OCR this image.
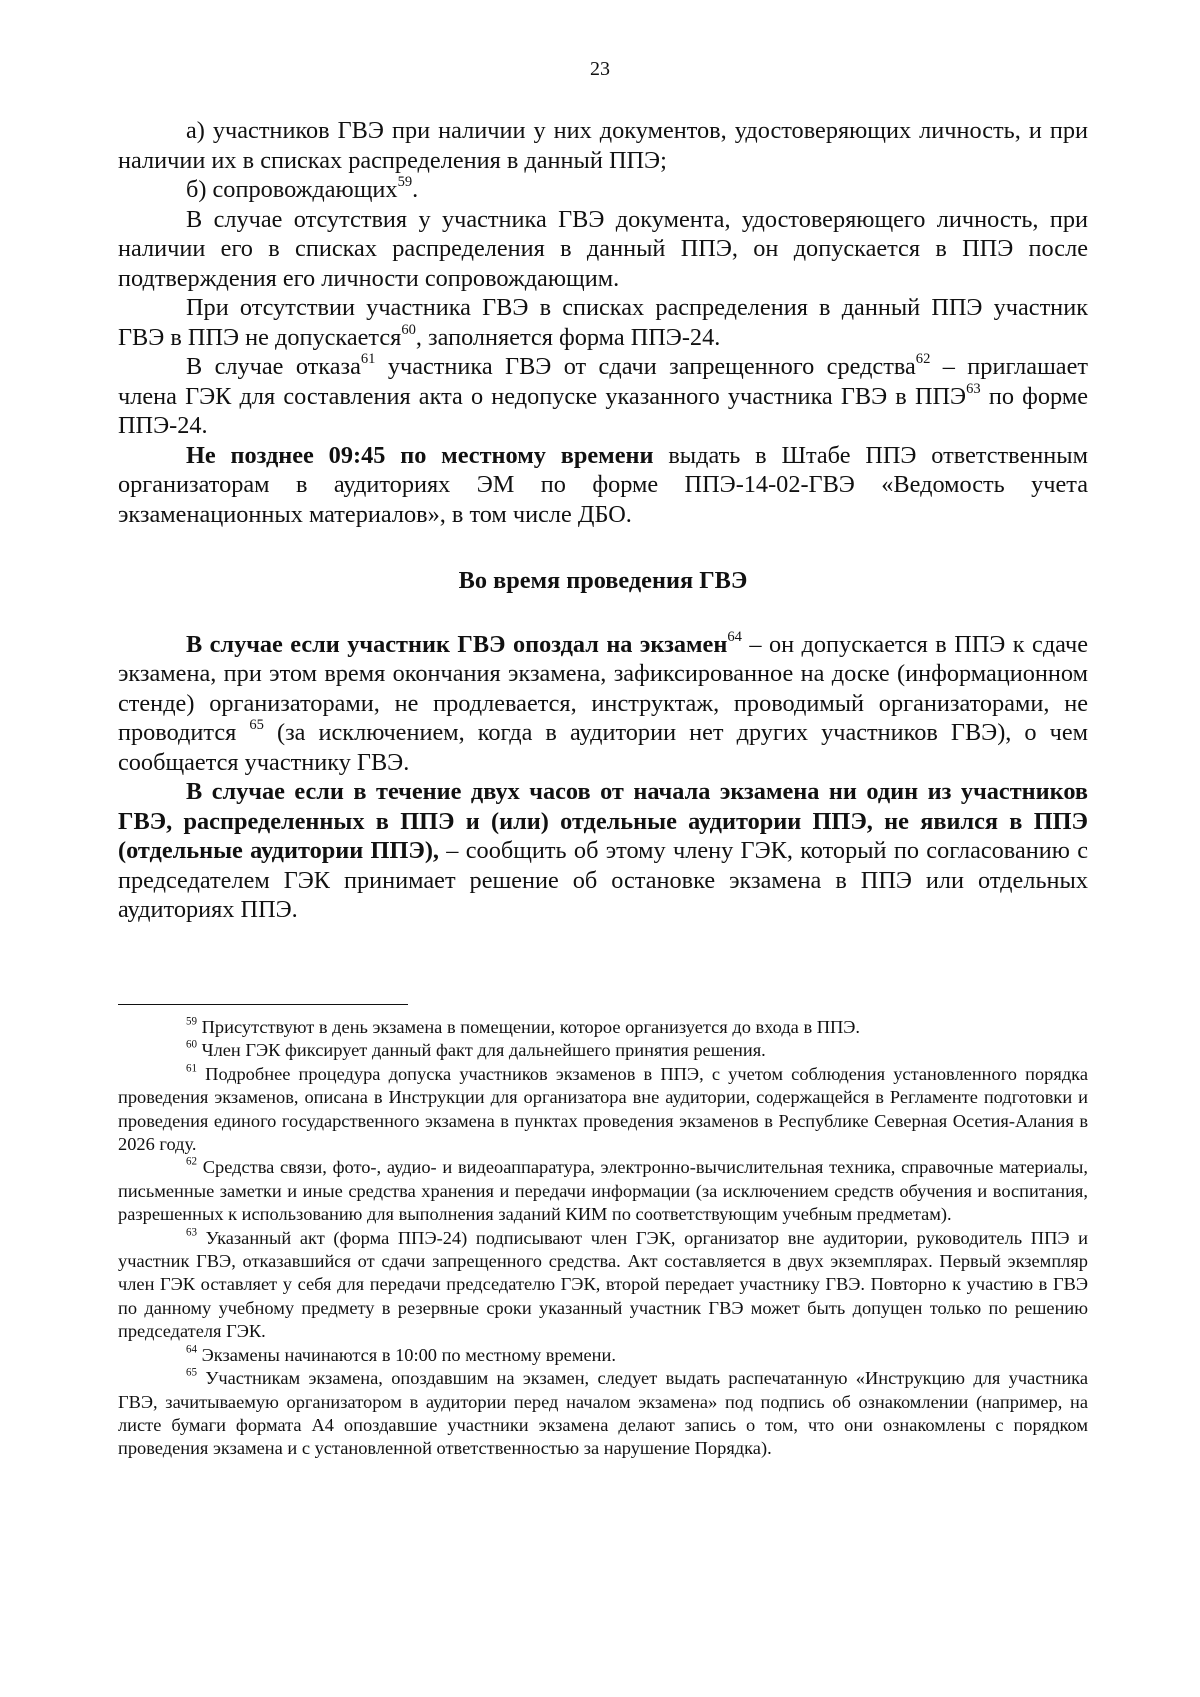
23

а) участников ГВЭ при наличии у них документов, удостоверяющих личность, и при наличии их в списках распределения в данный ППЭ;

б) сопровождающих$^{59}$.

В случае отсутствия у участника ГВЭ документа, удостоверяющего личность, при наличии его в списках распределения в данный ППЭ, он допускается в ППЭ после подтверждения его личности сопровождающим.

При отсутствии участника ГВЭ в списках распределения в данный ППЭ участник ГВЭ в ППЭ не допускается$^{60}$, заполняется форма ППЭ-24.

В случае отказа$^{61}$ участника ГВЭ от сдачи запрещенного средства$^{62}$ – приглашает члена ГЭК для составления акта о недопуске указанного участника ГВЭ в ППЭ$^{63}$ по форме ППЭ-24.

Не позднее 09:45 по местному времени выдать в Штабе ППЭ ответственным организаторам в аудиториях ЭМ по форме ППЭ-14-02-ГВЭ «Ведомость учета экзаменационных материалов», в том числе ДБО.

Во время проведения ГВЭ

В случае если участник ГВЭ опоздал на экзамен$^{64}$ – он допускается в ППЭ к сдаче экзамена, при этом время окончания экзамена, зафиксированное на доске (информационном стенде) организаторами, не продлевается, инструктаж, проводимый организаторами, не проводится $^{65}$ (за исключением, когда в аудитории нет других участников ГВЭ), о чем сообщается участнику ГВЭ.

В случае если в течение двух часов от начала экзамена ни один из участников ГВЭ, распределенных в ППЭ и (или) отдельные аудитории ППЭ, не явился в ППЭ (отдельные аудитории ППЭ), – сообщить об этому члену ГЭК, который по согласованию с председателем ГЭК принимает решение об остановке экзамена в ППЭ или отдельных аудиториях ППЭ.

$^{59}$ Присутствуют в день экзамена в помещении, которое организуется до входа в ППЭ.

$^{60}$ Член ГЭК фиксирует данный факт для дальнейшего принятия решения.

$^{61}$ Подробнее процедура допуска участников экзаменов в ППЭ, с учетом соблюдения установленного порядка проведения экзаменов, описана в Инструкции для организатора вне аудитории, содержащейся в Регламенте подготовки и проведения единого государственного экзамена в пунктах проведения экзаменов в Республике Северная Осетия-Алания в 2026 году.

$^{62}$ Средства связи, фото-, аудио- и видеоаппаратура, электронно-вычислительная техника, справочные материалы, письменные заметки и иные средства хранения и передачи информации (за исключением средств обучения и воспитания, разрешенных к использованию для выполнения заданий КИМ по соответствующим учебным предметам).

$^{63}$ Указанный акт (форма ППЭ-24) подписывают член ГЭК, организатор вне аудитории, руководитель ППЭ и участник ГВЭ, отказавшийся от сдачи запрещенного средства. Акт составляется в двух экземплярах. Первый экземпляр член ГЭК оставляет у себя для передачи председателю ГЭК, второй передает участнику ГВЭ. Повторно к участию в ГВЭ по данному учебному предмету в резервные сроки указанный участник ГВЭ может быть допущен только по решению председателя ГЭК.

$^{64}$ Экзамены начинаются в 10:00 по местному времени.

$^{65}$ Участникам экзамена, опоздавшим на экзамен, следует выдать распечатанную «Инструкцию для участника ГВЭ, зачитываемую организатором в аудитории перед началом экзамена» под подпись об ознакомлении (например, на листе бумаги формата А4 опоздавшие участники экзамена делают запись о том, что они ознакомлены с порядком проведения экзамена и с установленной ответственностью за нарушение Порядка).
